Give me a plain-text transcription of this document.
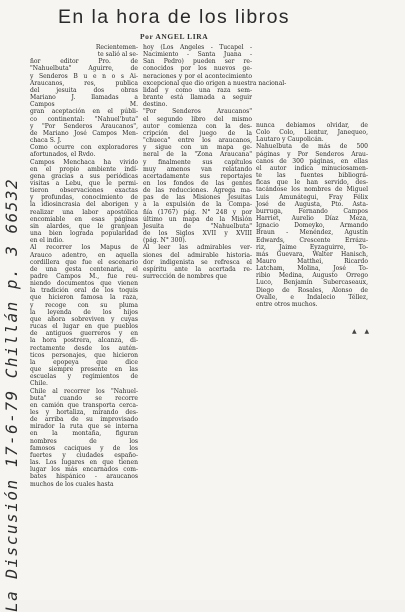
En la hora de los libros
Por ANGEL LIRA
Recientemen-
te salió al se-
ñor editor Pro. de
"Nahuelbuta" Aguirre, de
y Senderos B u e n o s Ai-
Araucanos, res, publica
del jesuita dos obras
Mariano J. llamadas a
Campos M.
gran aceptación en el públi-
co continental: "Nahuel'buta"
y "Por Senderos Araucanos",
de Mariano José Campos Men-
chaca S. J.
Como ocurre con exploradores
afortunados, el Rvdo.
Campos Menchaca ha vivido
en el propio ambiente indí-
gena gracias a sus periódicas
visitas a Lebu, que le permi-
tieron observaciones exactas
y profundas, conocimiento de
la idiosincrasia del aborigen y
realizar una labor apostólica
encomiable en esas páginas
sin alardes, que le granjean
una bien lograda popularidad
en el indio.
Al recorrer los Mapus de
Arauco adentro, en aquella
cordillera que fue el escenario
de una gesta centenaria, el
padre Campos M., fue reu-
niendo documentos que vienen
la tradición oral de los toquis
que hicieron famosa la raza,
y recoge con su pluma
la leyenda de los hijos
que ahora sobreviven y cuyas
rucas el lugar en que pueblos
de antiguos guerreros y en
la hora postrera, alcanza, di-
rectamente desde los autén-
ticos personajes, que hicieron
la epopeya que dice
que siempre presente en las
escuelas y regimientos de
Chile.
Chile al recorrer los "Nahuel-
buta" cuando se recorre
en camión que transporta cerca-
les y hortaliza, mirando des-
de arriba de su improvisado
mirador la ruta que se interna
en la montaña, figuran
nombres de los
famosos caciques y de los
fuertes y ciudades españo-
las. Los lugares en que tienen
lugar los más encarnados com-
bates hispánico - araucanos
muchos de los cuales hasta
hoy (Los Angeles - Tucapel -
Nacimiento - Santa Juana -
San Pedro) pueden ser re-
conocidos por los nuevos ge-
neraciones y por el acontecimiento
excepcional que dio origen a nuestra nacional-
lidad y como una raza sem-
brante está llamada a seguir
destino.
"Por Senderos Araucanos"
el segundo libro del mismo
autor comienza con la des-
cripción del juego de la
"chueca" entre los araucanos,
y sigue con un mapa ge-
neral de la "Zona Araucana"
y finalmente sus capítulos
muy amenos van relatando
acertadamente sus reportajes
en los fondos de las gentes
de las reducciones. Agrega ma-
pas de las Misiones Jesuitas
a la expulsión de la Compa-
ñía (1767) pág. N° 248 y por
último un mapa de la Misión
Jesuita de "Nahuelbuta"
de los Siglos XVII y XVIII
(pág. N° 300).
Al leer las admirables ver-
siones del admirable historia-
dor indigenista se refresca el
espíritu ante la acertada re-
surrección de nombres que
nunca debiamos olvidar, de
Colo Colo, Lientur, Janequeo,
Lautaro y Caupolicán.
Nahuelbuta de más de 500
páginas y Por Senderos Arau-
canos de 300 páginas, en ellas
el autor indica minuciosamen-
te las fuentes bibliográ-
ficas que le han servido, des-
tacándose los nombres de Miguel
Luis Amunátegui, Fray Félix
José de Augusta, Pto. Asta-
burruga, Fernando Campos
Harriet, Aurelio Díaz Meza,
Ignacio Domeyko, Armando
Braun - Menéndez, Agustín
Edwards, Crescente Errázu-
riz, Jaime Eyzaguirre, To-
más Guevara, Walter Hanisch,
Mauro Matthei, Ricardo
Latcham, Molina, José To-
ribio Medina, Augusto Orrego
Luco, Benjamín Subercaseaux,
Diego de Rosales, Alonso de
Ovalle, e Indalecio Téllez,
entre otros muchos.
▲ ▲
La Discusión 17-6-79 Chillán p. 3 66532
